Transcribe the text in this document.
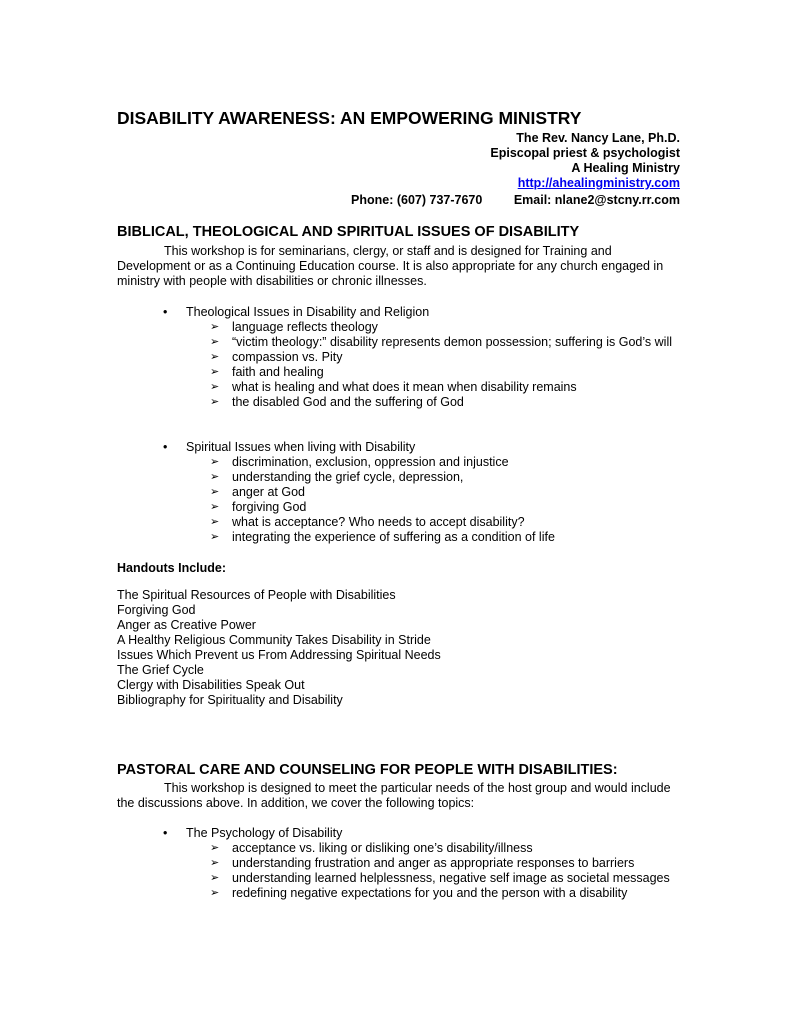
DISABILITY AWARENESS: AN EMPOWERING MINISTRY
The Rev. Nancy Lane, Ph.D.
Episcopal priest & psychologist
A Healing Ministry
http://ahealingministry.com
Phone: (607) 737-7670	Email: nlane2@stcny.rr.com
BIBLICAL, THEOLOGICAL AND SPIRITUAL ISSUES OF DISABILITY
This workshop is for seminarians, clergy, or staff and is designed for Training and Development or as a Continuing Education course. It is also appropriate for any church engaged in ministry with people with disabilities or chronic illnesses.
• Theological Issues in Disability and Religion
➢ language reflects theology
➢ “victim theology:” disability represents demon possession; suffering is God’s will
➢ compassion vs. Pity
➢ faith and healing
➢ what is healing and what does it mean when disability remains
➢ the disabled God and the suffering of God
• Spiritual Issues when living with Disability
➢ discrimination, exclusion, oppression and injustice
➢ understanding the grief cycle, depression,
➢ anger at God
➢ forgiving God
➢ what is acceptance? Who needs to accept disability?
➢ integrating the experience of suffering as a condition of life
Handouts Include:
The Spiritual Resources of People with Disabilities
Forgiving God
Anger as Creative Power
A Healthy Religious Community Takes Disability in Stride
Issues Which Prevent us From Addressing Spiritual Needs
The Grief Cycle
Clergy with Disabilities Speak Out
Bibliography for Spirituality and Disability
PASTORAL CARE AND COUNSELING FOR PEOPLE WITH DISABILITIES:
This workshop is designed to meet the particular needs of the host group and would include the discussions above. In addition, we cover the following topics:
• The Psychology of Disability
➢ acceptance vs. liking or disliking one’s disability/illness
➢ understanding frustration and anger as appropriate responses to barriers
➢ understanding learned helplessness, negative self image as societal messages
➢ redefining negative expectations for you and the person with a disability
